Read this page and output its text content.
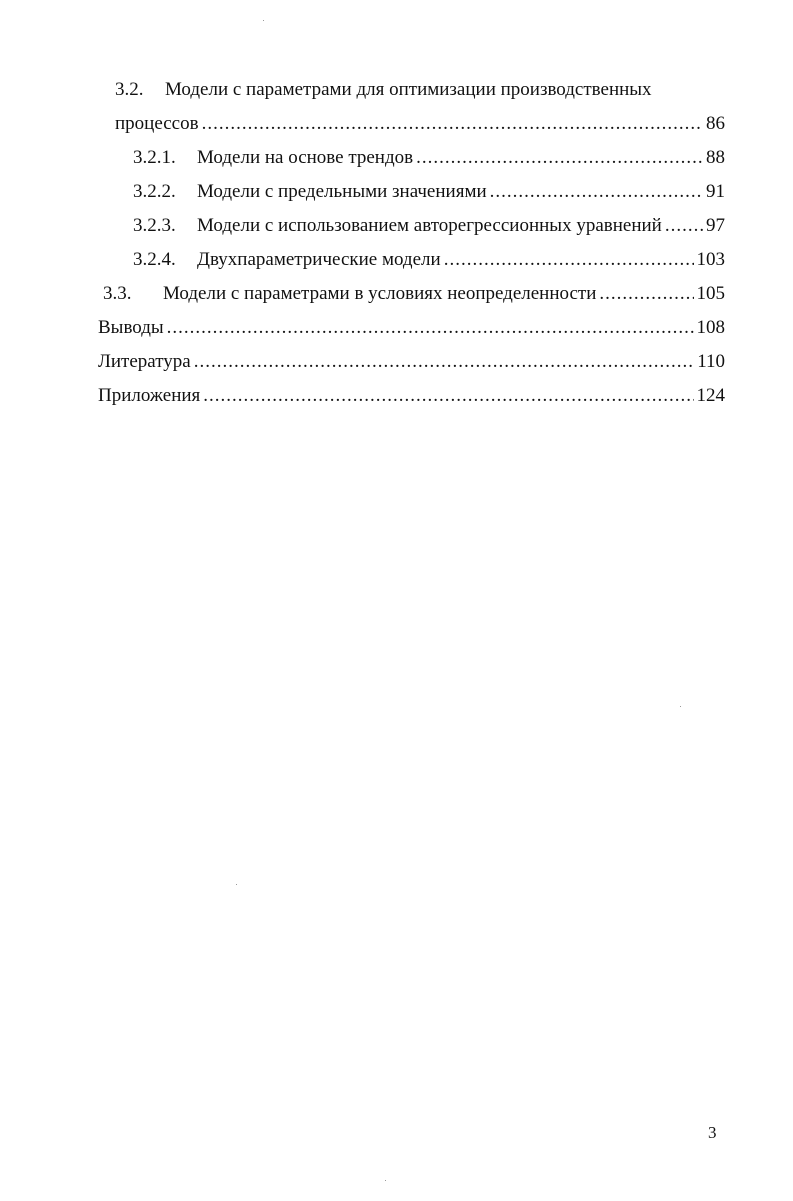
3.2.	Модели с параметрами для оптимизации производственных
процессов .....	86
3.2.1.	Модели на основе трендов .....	88
3.2.2.	Модели с предельными значениями .....	91
3.2.3.	Модели с использованием авторегрессионных уравнений ..... 97
3.2.4.	Двухпараметрические модели .....	103
3.3.	Модели с параметрами в условиях неопределенности .....	105
Выводы .....	108
Литература .....	110
Приложения .....	124
3
